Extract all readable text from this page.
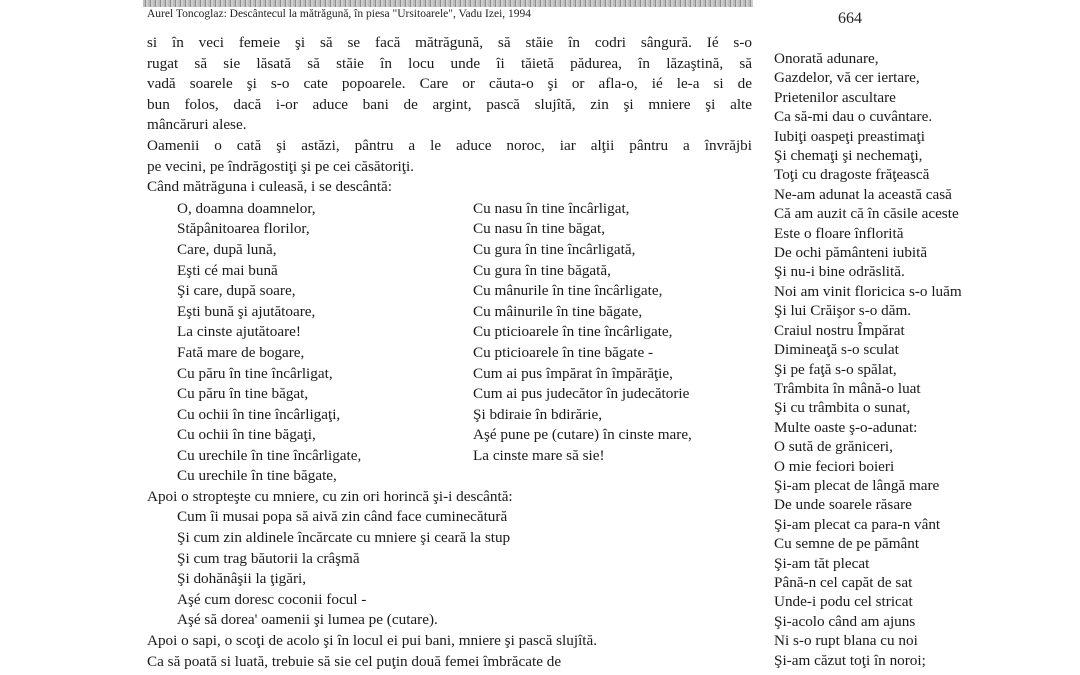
Aurel Toncoglaz: Descântecul la mătrăgună, în piesa "Ursitoarele", Vadu Izei, 1994	664

si în veci femeie şi să se facă mătrăgună, să stăie în codri sângură. Ié s-o

rugat să sie lăsată să stăie în locu unde îi tăietă pădurea, în lăzaştină, să

vadă soarele şi s-o cate popoarele. Care or căuta-o şi or afla-o, ié le-a si de

bun folos, dacă i-or aduce bani de argint, pască slujîtă, zin şi mniere şi alte

mâncăruri alese.

Oamenii o cată şi astăzi, pântru a le aduce noroc, iar alţii pântru a învrăjbi

pe vecini, pe îndrăgostiţi şi pe cei căsătoriţi.

Când mătrăguna i culeasă, i se descântă:

O, doamna doamnelor,
Stăpânitoarea florilor,
Care, după lună,
Eşti cé mai bună
Şi care, după soare,
Eşti bună şi ajutătoare,
La cinste ajutătoare!
Fată mare de bogare,
Cu păru în tine încârligat,
Cu păru în tine băgat,
Cu ochii în tine încârligaţi,
Cu ochii în tine băgaţi,
Cu urechile în tine încârligate,
Cu urechile în tine băgate,
Cu nasu în tine încârligat,
Cu nasu în tine băgat,
Cu gura în tine încârligată,
Cu gura în tine băgată,
Cu mânurile în tine încârligate,
Cu mâinurile în tine băgate,
Cu pticioarele în tine încârligate,
Cu pticioarele în tine băgate -
Cum ai pus împărat în împărăţie,
Cum ai pus judecător în judecătorie
Şi bdiraie în bdirărie,
Aşé pune pe (cutare) în cinste mare,
La cinste mare să sie!

Apoi o stropteşte cu mniere, cu zin ori horincă şi-i descântă:

Cum îi musai popa să aivă zin când face cuminecătură
Şi cum zin aldinele încărcate cu mniere şi ceară la stup
Şi cum trag băutorii la crâşmă
Şi dohănâşii la ţigări,
Aşé cum doresc coconii focul -
Aşé să dorea' oamenii şi lumea pe (cutare).

Apoi o sapi, o scoţi de acolo şi în locul ei pui bani, mniere şi pască slujîtă.

Ca să poată si luată, trebuie să sie cel puţin două femei îmbrăcate de

Onorată adunare,
Gazdelor, vă cer iertare,
Prietenilor ascultare
Ca să-mi dau o cuvântare.
Iubiţi oaspeţi preastimaţi
Şi chemaţi şi nechemaţi,
Toţi cu dragoste frăţească
Ne-am adunat la această casă
Că am auzit că în căsile aceste
Este o floare înflorită
De ochi pământeni iubită
Şi nu-i bine odrăslită.
Noi am vinit floricica s-o luăm
Şi lui Crăişor s-o dăm.
Craiul nostru Împărat
Dimineaţă s-o sculat
Şi pe faţă s-o spălat,
Trâmbita în mână-o luat
Şi cu trâmbita o sunat,
Multe oaste ş-o-adunat:
O sută de grăniceri,
O mie feciori boieri
Şi-am plecat de lângă mare
De unde soarele răsare
Şi-am plecat ca para-n vânt
Cu semne de pe pământ
Şi-am tăt plecat
Până-n cel capăt de sat
Unde-i podu cel stricat
Şi-acolo când am ajuns
Ni s-o rupt blana cu noi
Şi-am căzut toţi în noroi;
